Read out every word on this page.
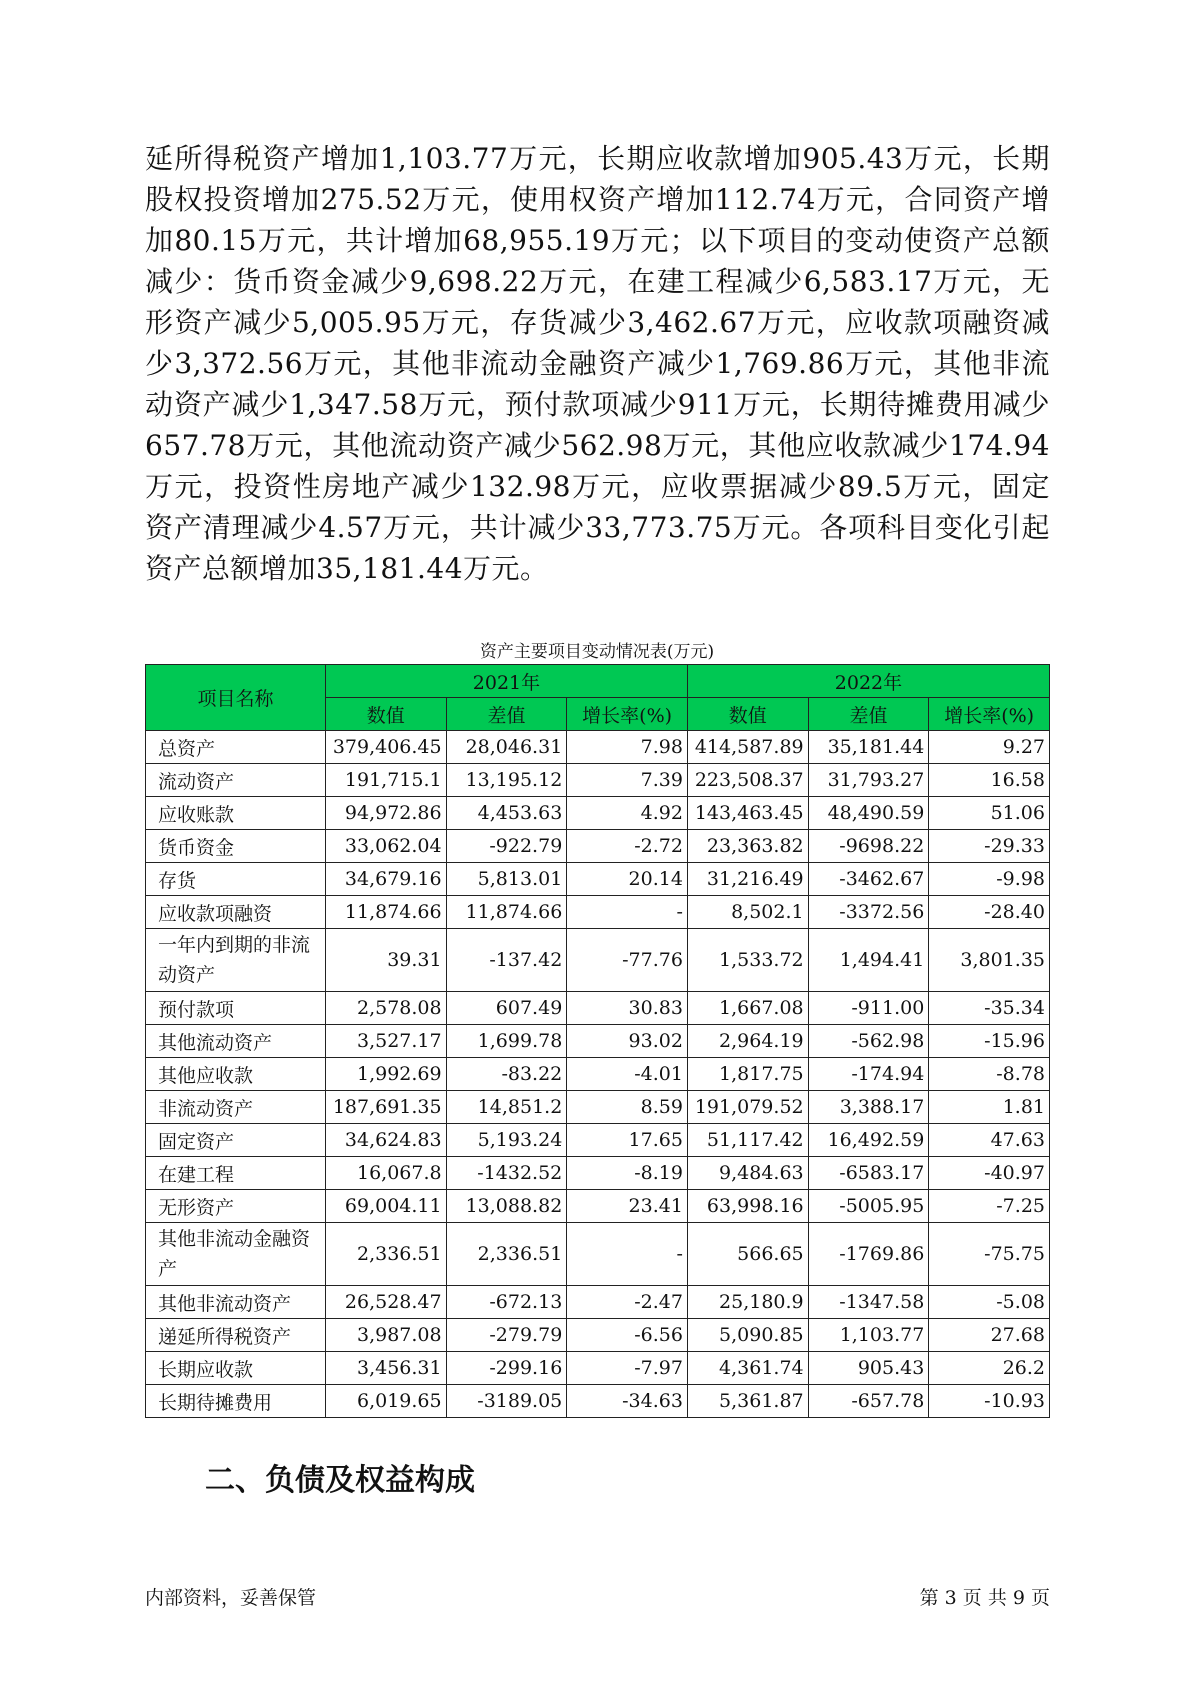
延所得税资产增加1,103.77万元，长期应收款增加905.43万元，长期股权投资增加275.52万元，使用权资产增加112.74万元，合同资产增加80.15万元，共计增加68,955.19万元；以下项目的变动使资产总额减少：货币资金减少9,698.22万元，在建工程减少6,583.17万元，无形资产减少5,005.95万元，存货减少3,462.67万元，应收款项融资减少3,372.56万元，其他非流动金融资产减少1,769.86万元，其他非流动资产减少1,347.58万元，预付款项减少911万元，长期待摊费用减少657.78万元，其他流动资产减少562.98万元，其他应收款减少174.94万元，投资性房地产减少132.98万元，应收票据减少89.5万元，固定资产清理减少4.57万元，共计减少33,773.75万元。各项科目变化引起资产总额增加35,181.44万元。

资产主要项目变动情况表(万元)

项目名称	2021年			2022年		
	数值	差值	增长率(%)	数值	差值	增长率(%)
总资产	379,406.45	28,046.31	7.98	414,587.89	35,181.44	9.27
流动资产	191,715.1	13,195.12	7.39	223,508.37	31,793.27	16.58
应收账款	94,972.86	4,453.63	4.92	143,463.45	48,490.59	51.06
货币资金	33,062.04	-922.79	-2.72	23,363.82	-9698.22	-29.33
存货	34,679.16	5,813.01	20.14	31,216.49	-3462.67	-9.98
应收款项融资	11,874.66	11,874.66	-	8,502.1	-3372.56	-28.40
一年内到期的非流动资产	39.31	-137.42	-77.76	1,533.72	1,494.41	3,801.35
预付款项	2,578.08	607.49	30.83	1,667.08	-911.00	-35.34
其他流动资产	3,527.17	1,699.78	93.02	2,964.19	-562.98	-15.96
其他应收款	1,992.69	-83.22	-4.01	1,817.75	-174.94	-8.78
非流动资产	187,691.35	14,851.2	8.59	191,079.52	3,388.17	1.81
固定资产	34,624.83	5,193.24	17.65	51,117.42	16,492.59	47.63
在建工程	16,067.8	-1432.52	-8.19	9,484.63	-6583.17	-40.97
无形资产	69,004.11	13,088.82	23.41	63,998.16	-5005.95	-7.25
其他非流动金融资产	2,336.51	2,336.51	-	566.65	-1769.86	-75.75
其他非流动资产	26,528.47	-672.13	-2.47	25,180.9	-1347.58	-5.08
递延所得税资产	3,987.08	-279.79	-6.56	5,090.85	1,103.77	27.68
长期应收款	3,456.31	-299.16	-7.97	4,361.74	905.43	26.2
长期待摊费用	6,019.65	-3189.05	-34.63	5,361.87	-657.78	-10.93
二、负债及权益构成
内部资料，妥善保管	第 3 页 共 9 页
